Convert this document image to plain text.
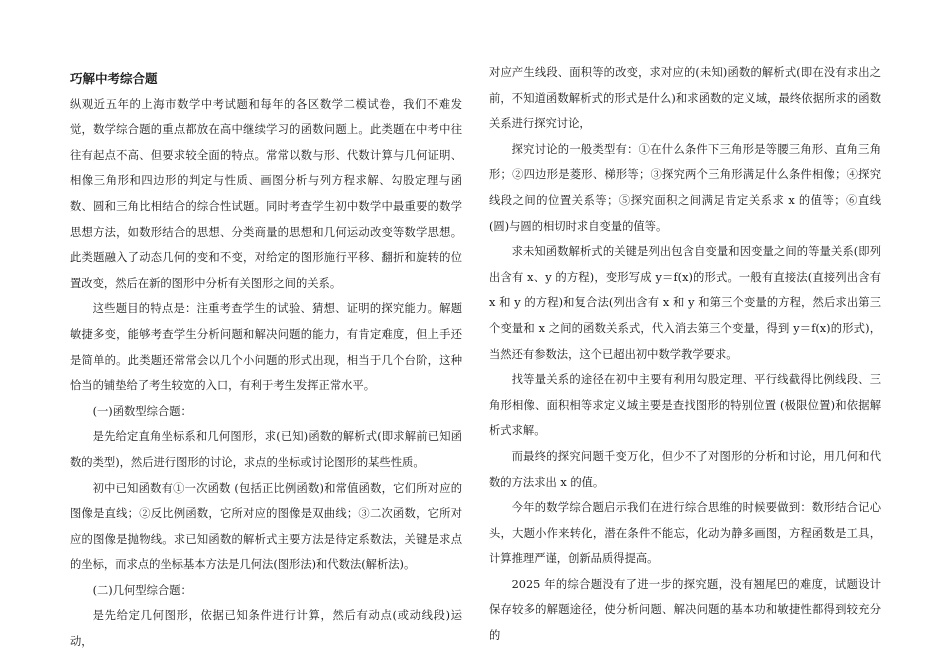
巧解中考综合题

纵观近五年的上海市数学中考试题和每年的各区数学二模试卷，我们不难发觉，数学综合题的重点都放在高中继续学习的函数问题上。此类题在中考中往往有起点不高、但要求较全面的特点。常常以数与形、代数计算与几何证明、相像三角形和四边形的判定与性质、画图分析与列方程求解、勾股定理与函数、圆和三角比相结合的综合性试题。同时考查学生初中数学中最重要的数学思想方法，如数形结合的思想、分类商量的思想和几何运动改变等数学思想。此类题融入了动态几何的变和不变，对给定的图形施行平移、翻折和旋转的位置改变，然后在新的图形中分析有关图形之间的关系。

这些题目的特点是：注重考查学生的试验、猜想、证明的探究能力。解题敏捷多变，能够考查学生分析问题和解决问题的能力，有肯定难度，但上手还是简单的。此类题还常常会以几个小问题的形式出现，相当于几个台阶，这种恰当的铺垫给了考生较宽的入口，有利于考生发挥正常水平。

(一)函数型综合题：

是先给定直角坐标系和几何图形，求(已知)函数的解析式(即求解前已知函数的类型)，然后进行图形的讨论，求点的坐标或讨论图形的某些性质。

初中已知函数有①一次函数 (包括正比例函数)和常值函数，它们所对应的图像是直线；②反比例函数，它所对应的图像是双曲线；③二次函数，它所对应的图像是抛物线。求已知函数的解析式主要方法是待定系数法，关键是求点的坐标，而求点的坐标基本方法是几何法(图形法)和代数法(解析法)。

(二)几何型综合题：

是先给定几何图形，依据已知条件进行计算，然后有动点(或动线段)运动，

对应产生线段、面积等的改变，求对应的(未知)函数的解析式(即在没有求出之前，不知道函数解析式的形式是什么)和求函数的定义域，最终依据所求的函数关系进行探究讨论，

探究讨论的一般类型有：①在什么条件下三角形是等腰三角形、直角三角形；②四边形是菱形、梯形等；③探究两个三角形满足什么条件相像；④探究线段之间的位置关系等；⑤探究面积之间满足肯定关系求 x 的值等；⑥直线(圆)与圆的相切时求自变量的值等。

求未知函数解析式的关键是列出包含自变量和因变量之间的等量关系(即列出含有 x、y 的方程)，变形写成 y＝f(x)的形式。一般有直接法(直接列出含有 x 和 y 的方程)和复合法(列出含有 x 和 y 和第三个变量的方程，然后求出第三个变量和 x 之间的函数关系式，代入消去第三个变量，得到 y＝f(x)的形式)，当然还有参数法，这个已超出初中数学教学要求。

找等量关系的途径在初中主要有利用勾股定理、平行线截得比例线段、三角形相像、面积相等求定义域主要是查找图形的特别位置 (极限位置)和依据解析式求解。

而最终的探究问题千变万化，但少不了对图形的分析和讨论，用几何和代数的方法求出 x 的值。

今年的数学综合题启示我们在进行综合思维的时候要做到：数形结合记心头，大题小作来转化，潜在条件不能忘，化动为静多画图，方程函数是工具，计算推理严谨，创新品质得提高。

2025 年的综合题没有了进一步的探究题，没有翘尾巴的难度，试题设计保存较多的解题途径，使分析问题、解决问题的基本功和敏捷性都得到较充分的
